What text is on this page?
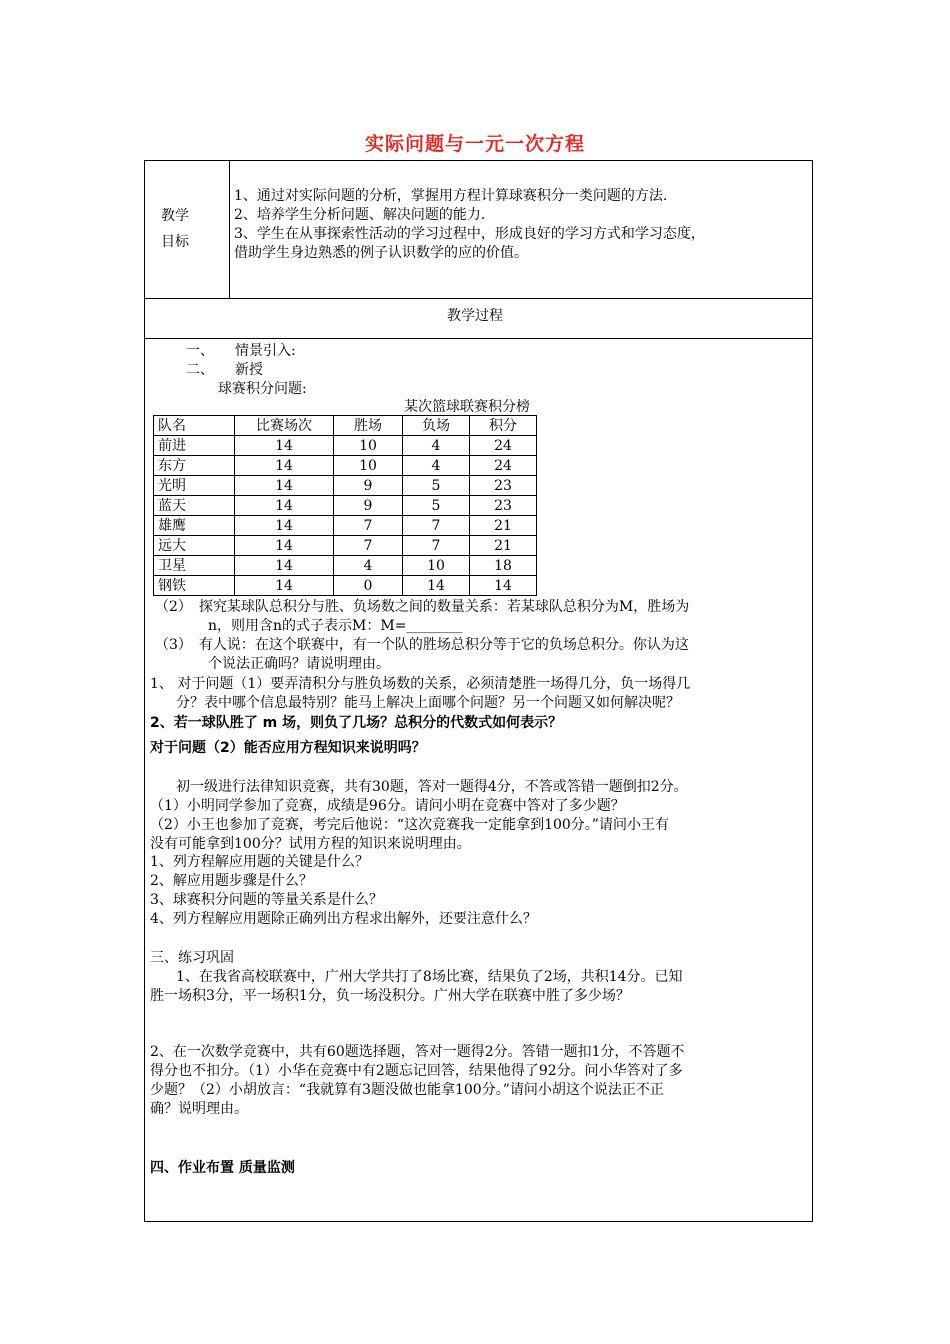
实际问题与一元一次方程
教学
目标
1、通过对实际问题的分析，掌握用方程计算球赛积分一类问题的方法.
2、培养学生分析问题、解决问题的能力.
3、学生在从事探索性活动的学习过程中，形成良好的学习方式和学习态度，
借助学生身边熟悉的例子认识数学的应的价值。
教学过程
一、　　情景引入:
二、　　新授
球赛积分问题:
某次篮球联赛积分榜
队名	比赛场次	胜场	负场	积分
前进	14	10	4	24
东方	14	10	4	24
光明	14	9	5	23
蓝天	14	9	5	23
雄鹰	14	7	7	21
远大	14	7	7	21
卫星	14	4	10	18
钢铁	14	0	14	14
（2）　探究某球队总积分与胜、负场数之间的数量关系：若某球队总积分为M，胜场为
n，则用含n的式子表示M：M=________
（3）　有人说：在这个联赛中，有一个队的胜场总积分等于它的负场总积分。你认为这
个说法正确吗？请说明理由。
1、 对于问题（1）要弄清积分与胜负场数的关系，必须清楚胜一场得几分，负一场得几
分？表中哪个信息最特别？能马上解决上面哪个问题？另一个问题又如何解决呢？
2、若一球队胜了 m 场，则负了几场？总积分的代数式如何表示？
对于问题（2）能否应用方程知识来说明吗？
初一级进行法律知识竞赛，共有30题，答对一题得4分，不答或答错一题倒扣2分。
（1）小明同学参加了竞赛，成绩是96分。请问小明在竞赛中答对了多少题？
（2）小王也参加了竞赛，考完后他说：“这次竞赛我一定能拿到100分。”请问小王有
没有可能拿到100分？试用方程的知识来说明理由。
1、列方程解应用题的关键是什么？
2、解应用题步骤是什么？
3、球赛积分问题的等量关系是什么？
4、列方程解应用题除正确列出方程求出解外，还要注意什么？
三、练习巩固
1、在我省高校联赛中，广州大学共打了8场比赛，结果负了2场，共积14分。已知
胜一场积3分，平一场积1分，负一场没积分。广州大学在联赛中胜了多少场？
2、在一次数学竞赛中，共有60题选择题，答对一题得2分。答错一题扣1分，不答题不
得分也不扣分。（1）小华在竞赛中有2题忘记回答，结果他得了92分。问小华答对了多
少题？（2）小胡放言：“我就算有3题没做也能拿100分。”请问小胡这个说法正不正
确？说明理由。
四、作业布置 质量监测
